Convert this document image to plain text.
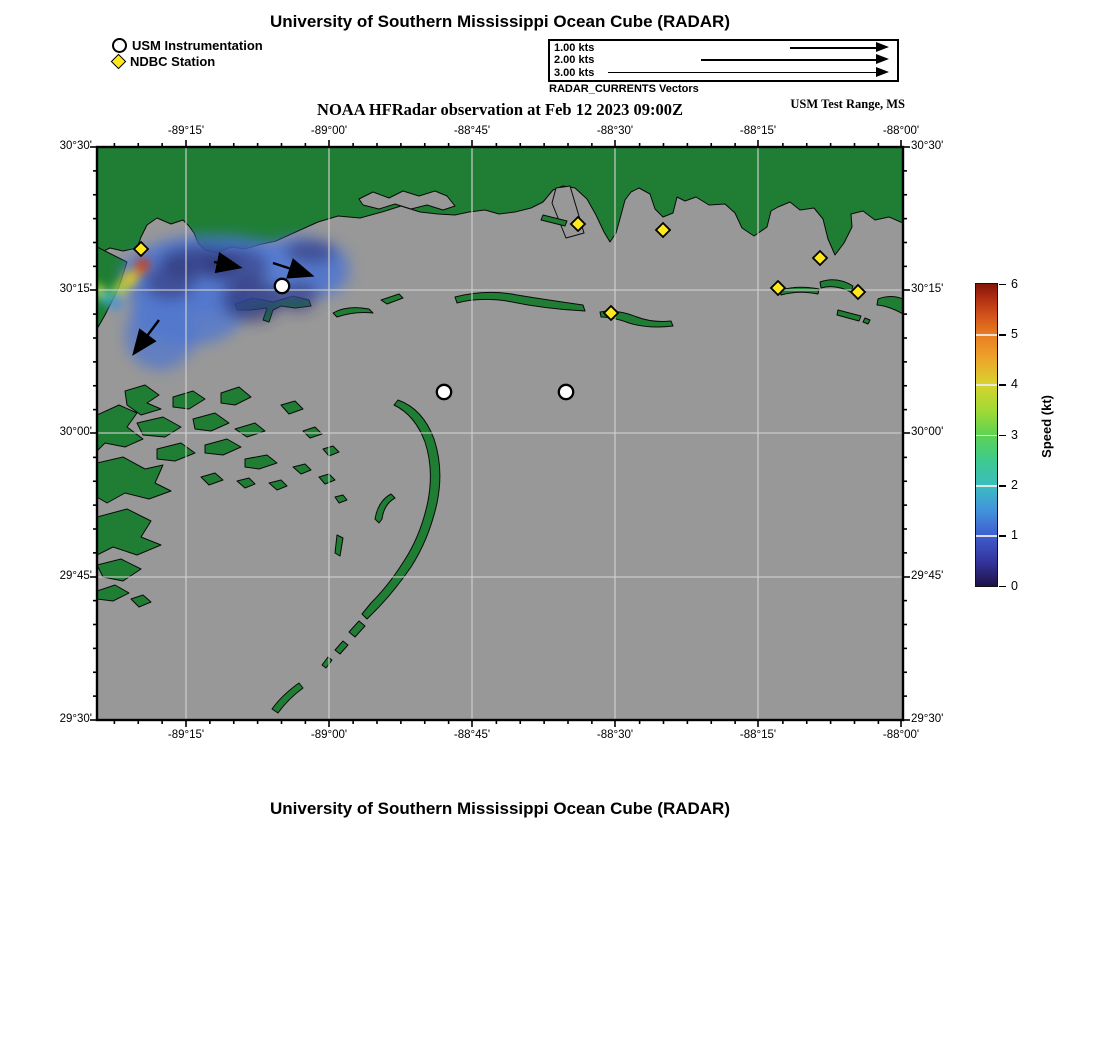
University of Southern Mississippi Ocean Cube (RADAR)
USM Instrumentation
NDBC Station
1.00 kts
2.00 kts
3.00 kts
RADAR_CURRENTS Vectors
NOAA HFRadar observation at Feb 12 2023 09:00Z	USM Test Range, MS
-89°15'
-89°15'
-89°00'
-89°00'
-88°45'
-88°45'
-88°30'
-88°30'
-88°15'
-88°15'
-88°00'
-88°00'
30°30'	30°30'
30°15'	30°15'
30°00'	30°00'
29°45'	29°45'
29°30'	29°30'
0
1
2
3
4
5
6
Speed (kt)
University of Southern Mississippi Ocean Cube (RADAR)
